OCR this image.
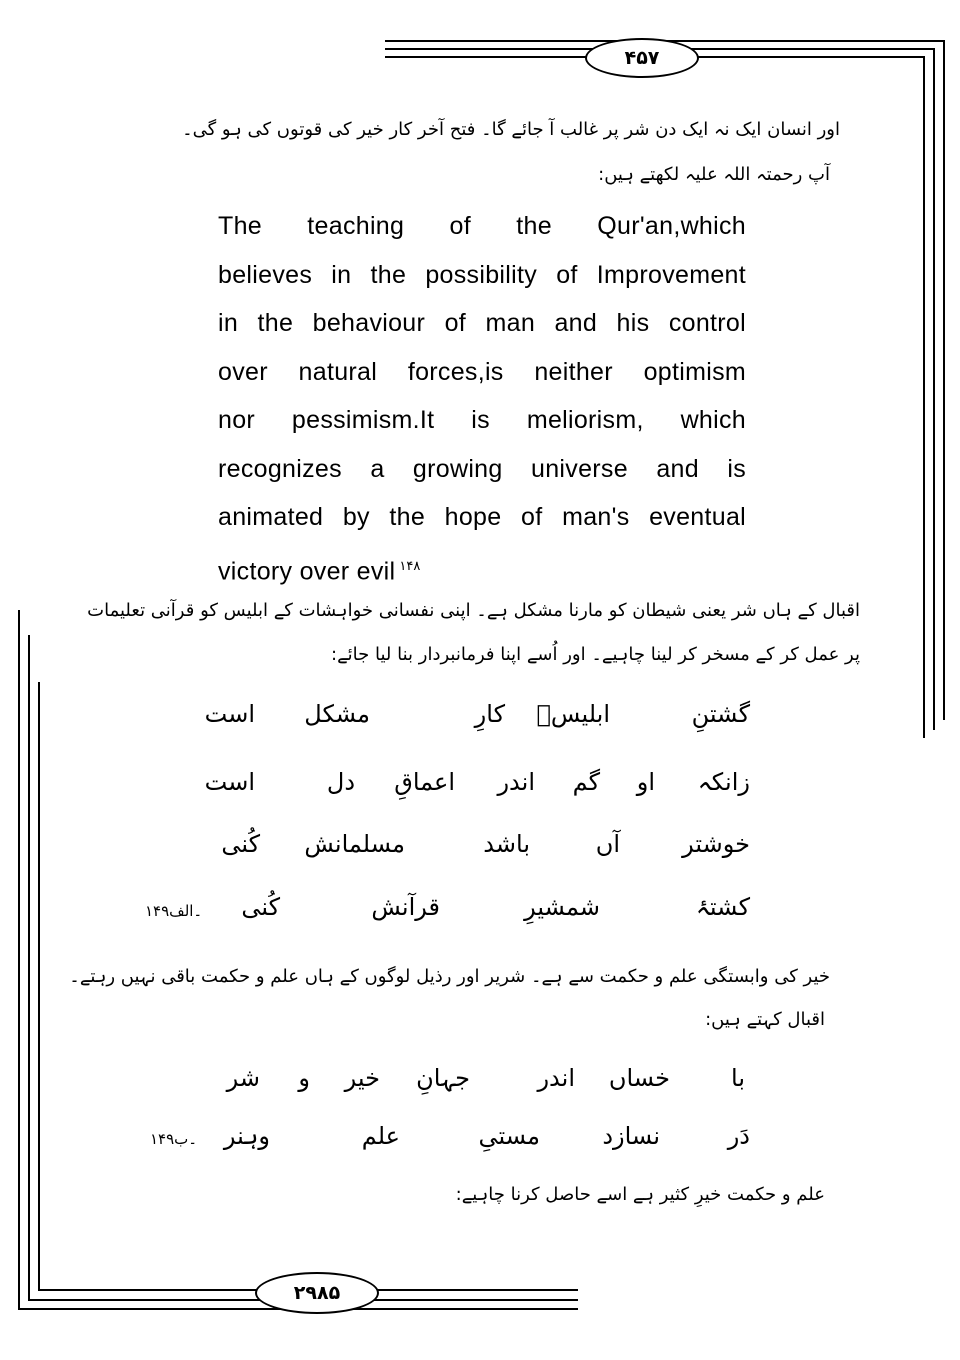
۴۵۷
۲۹۸۵
اور انسان ایک نہ ایک دن شر پر غالب آ جائے گا۔ فتح آخر کار خیر کی قوتوں کی ہو گی۔
آپ رحمتہ اللہ علیہ لکھتے ہیں:

The teaching of the Qur'an,which

believes in the possibility of Improvement

in the behaviour of man and his control

over natural forces,is neither optimism

nor pessimism.It is meliorism, which

recognizes a growing universe and is

animated by the hope of man's eventual

victory over evil $^{۱۴۸}$

اقبال کے ہاں شر یعنی شیطان کو مارنا مشکل ہے۔ اپنی نفسانی خواہشات کے ابلیس کو قرآنی تعلیمات
پر عمل کر کے مسخر کر لینا چاہیے۔ اور اُسے اپنا فرمانبردار بنا لیا جائے:
گشتنِ
ابلیسؔ
کارِ
مشکل
است
زانکہ
او
گم
اندر
اعماقِ
دل
است
خوشتر
آں
باشد
مسلمانش
کُنی
کشتۂ
شمشیرِ
قرآنش
کُنی
۱۴۹۔الف
خیر کی وابستگی علم و حکمت سے ہے۔ شریر اور رذیل لوگوں کے ہاں علم و حکمت باقی نہیں رہتے۔
اقبال کہتے ہیں:
با
خساں
اندر
جہانِ
خیر
و
شر
دَر
نسازد
مستیِ
علم
وہنر
۱۴۹۔ب
علم و حکمت خیرِ کثیر ہے اسے حاصل کرنا چاہیے:
